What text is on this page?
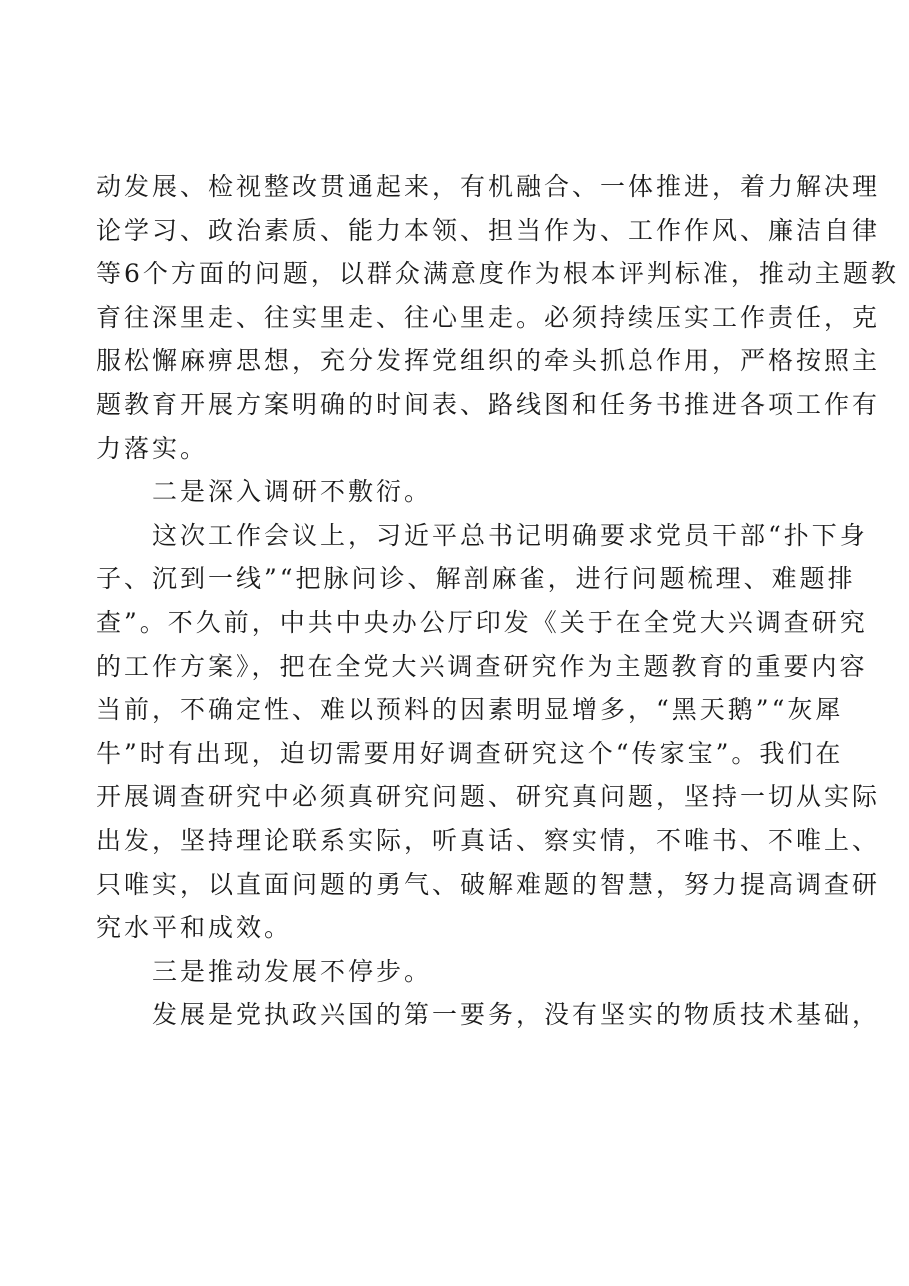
动发展、检视整改贯通起来，有机融合、一体推进，着力解决理
论学习、政治素质、能力本领、担当作为、工作作风、廉洁自律
等6个方面的问题，以群众满意度作为根本评判标准，推动主题教
育往深里走、往实里走、往心里走。必须持续压实工作责任，克
服松懈麻痹思想，充分发挥党组织的牵头抓总作用，严格按照主
题教育开展方案明确的时间表、路线图和任务书推进各项工作有
力落实。

二是深入调研不敷衍。

这次工作会议上，习近平总书记明确要求党员干部“扑下身
子、沉到一线”“把脉问诊、解剖麻雀，进行问题梳理、难题排
查”。不久前，中共中央办公厅印发《关于在全党大兴调查研究
的工作方案》，把在全党大兴调查研究作为主题教育的重要内容
当前，不确定性、难以预料的因素明显增多，“黑天鹅”“灰犀
牛”时有出现，迫切需要用好调查研究这个“传家宝”。我们在
开展调查研究中必须真研究问题、研究真问题，坚持一切从实际
出发，坚持理论联系实际，听真话、察实情，不唯书、不唯上、
只唯实，以直面问题的勇气、破解难题的智慧，努力提高调查研
究水平和成效。

三是推动发展不停步。

发展是党执政兴国的第一要务，没有坚实的物质技术基础，
